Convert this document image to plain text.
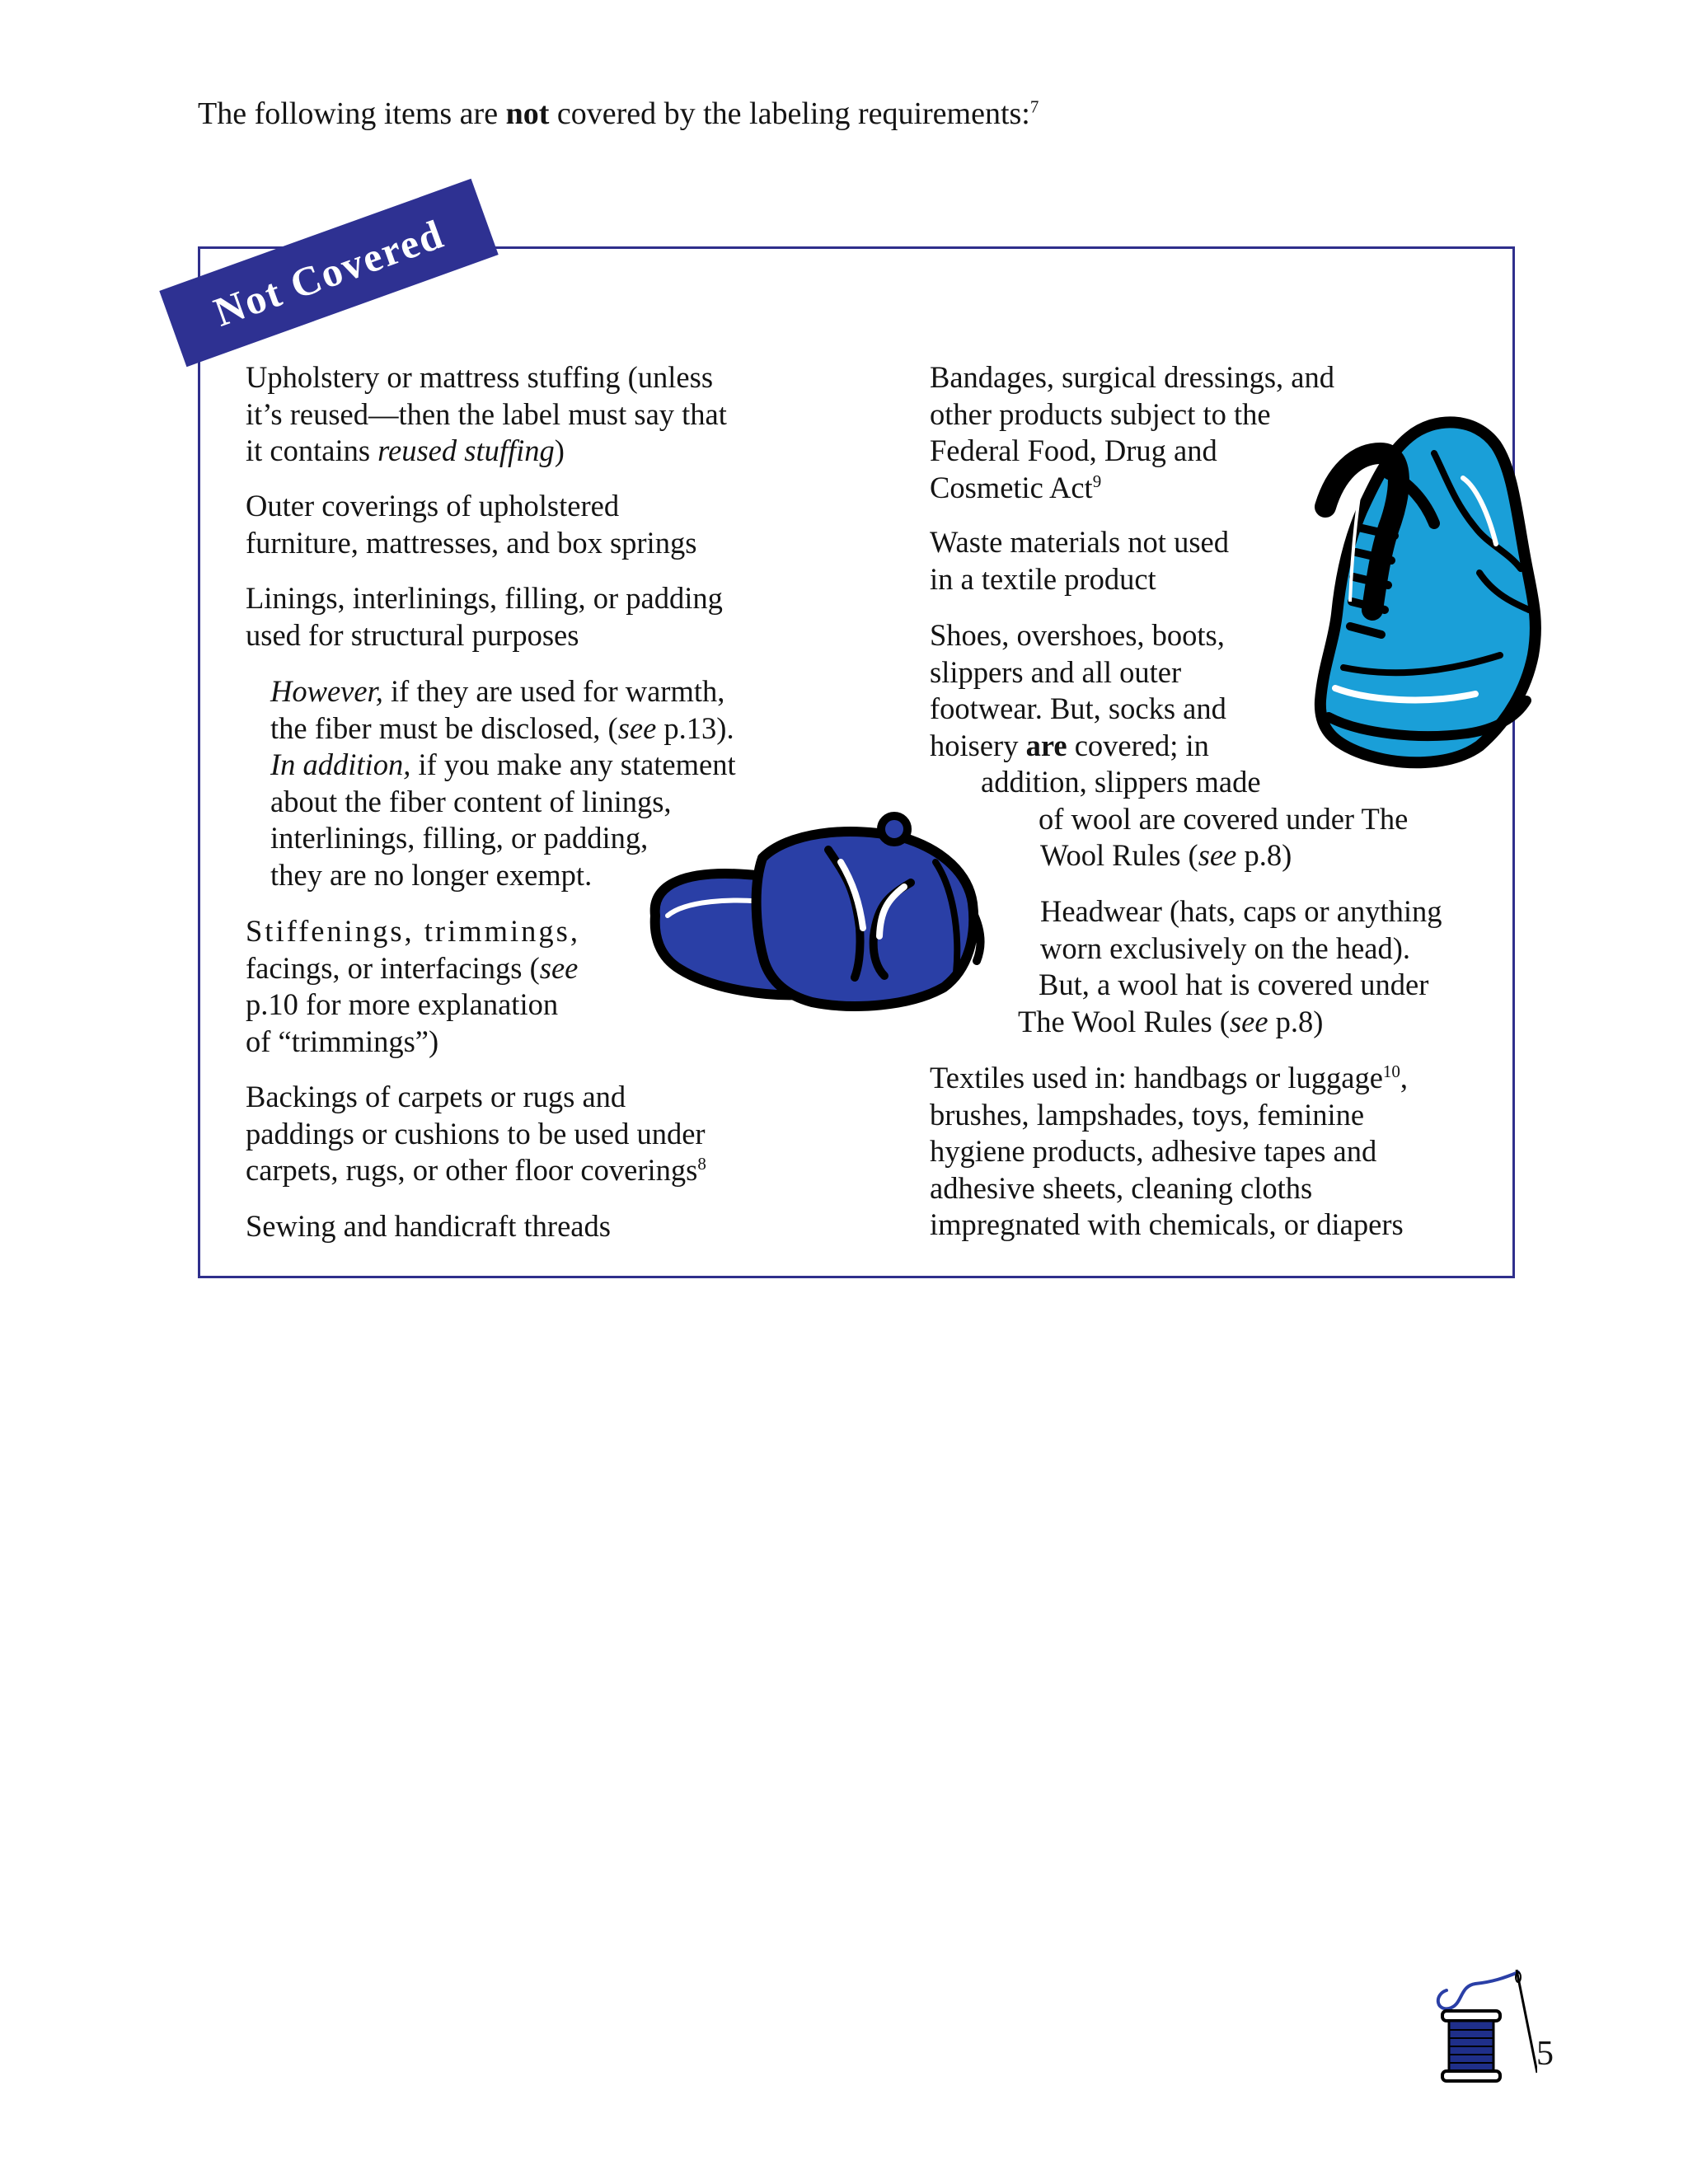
The following items are not covered by the labeling requirements:$^7$
Not Covered
Upholstery or mattress stuffing (unless
it’s reused—then the label must say that
it contains reused stuffing)
Outer coverings of upholstered
furniture, mattresses, and box springs
Linings, interlinings, filling, or padding
used for structural purposes
However, if they are used for warmth,
the fiber must be disclosed, (see p.13).
In addition, if you make any statement
about the fiber content of linings,
interlinings, filling, or padding,
they are no longer exempt.
Stiffenings, trimmings,
facings, or interfacings (see
p.10 for more explanation
of “trimmings”)
Backings of carpets or rugs and
paddings or cushions to be used under
carpets, rugs, or other floor coverings$^8$
Sewing and handicraft threads
Bandages, surgical dressings, and
other products subject to the
Federal Food, Drug and
Cosmetic Act$^9$
Waste materials not used
in a textile product
Shoes, overshoes, boots,
slippers and all outer
footwear. But, socks and
hoisery are covered; in
addition, slippers made
of wool are covered under The
Wool Rules (see p.8)
Headwear (hats, caps or anything
worn exclusively on the head).
But, a wool hat is covered under
The Wool Rules (see p.8)
Textiles used in: handbags or luggage$^{10}$,
brushes, lampshades, toys, feminine
hygiene products, adhesive tapes and
adhesive sheets, cleaning cloths
impregnated with chemicals, or diapers
5
